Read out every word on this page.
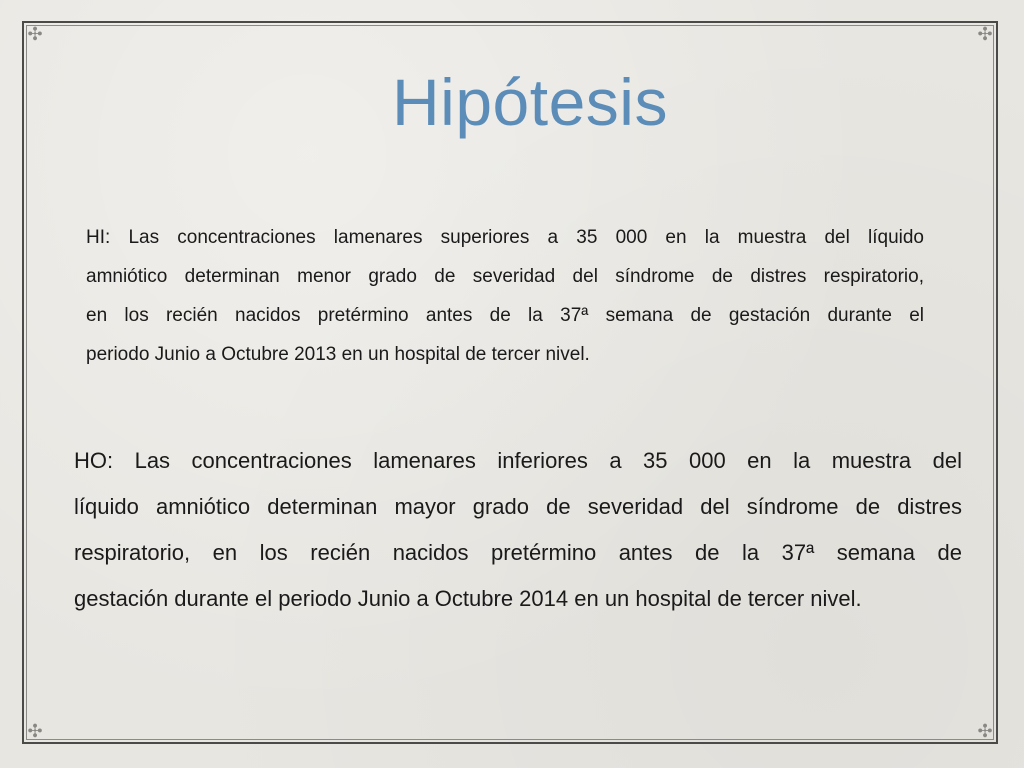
✣	✣
✣	✣
Hipótesis
HI: Las concentraciones lamenares superiores a 35 000 en la muestra del líquido
amniótico determinan menor grado de severidad del síndrome de distres respiratorio,
en los recién nacidos pretérmino antes de la 37ª semana de gestación durante el
periodo Junio a Octubre 2013 en un hospital de tercer nivel.
HO: Las concentraciones lamenares inferiores a 35 000 en la muestra del
líquido amniótico determinan mayor grado de severidad del síndrome de distres
respiratorio, en los recién nacidos pretérmino antes de la 37ª semana de
gestación durante el periodo Junio a Octubre 2014 en un hospital de tercer nivel.
